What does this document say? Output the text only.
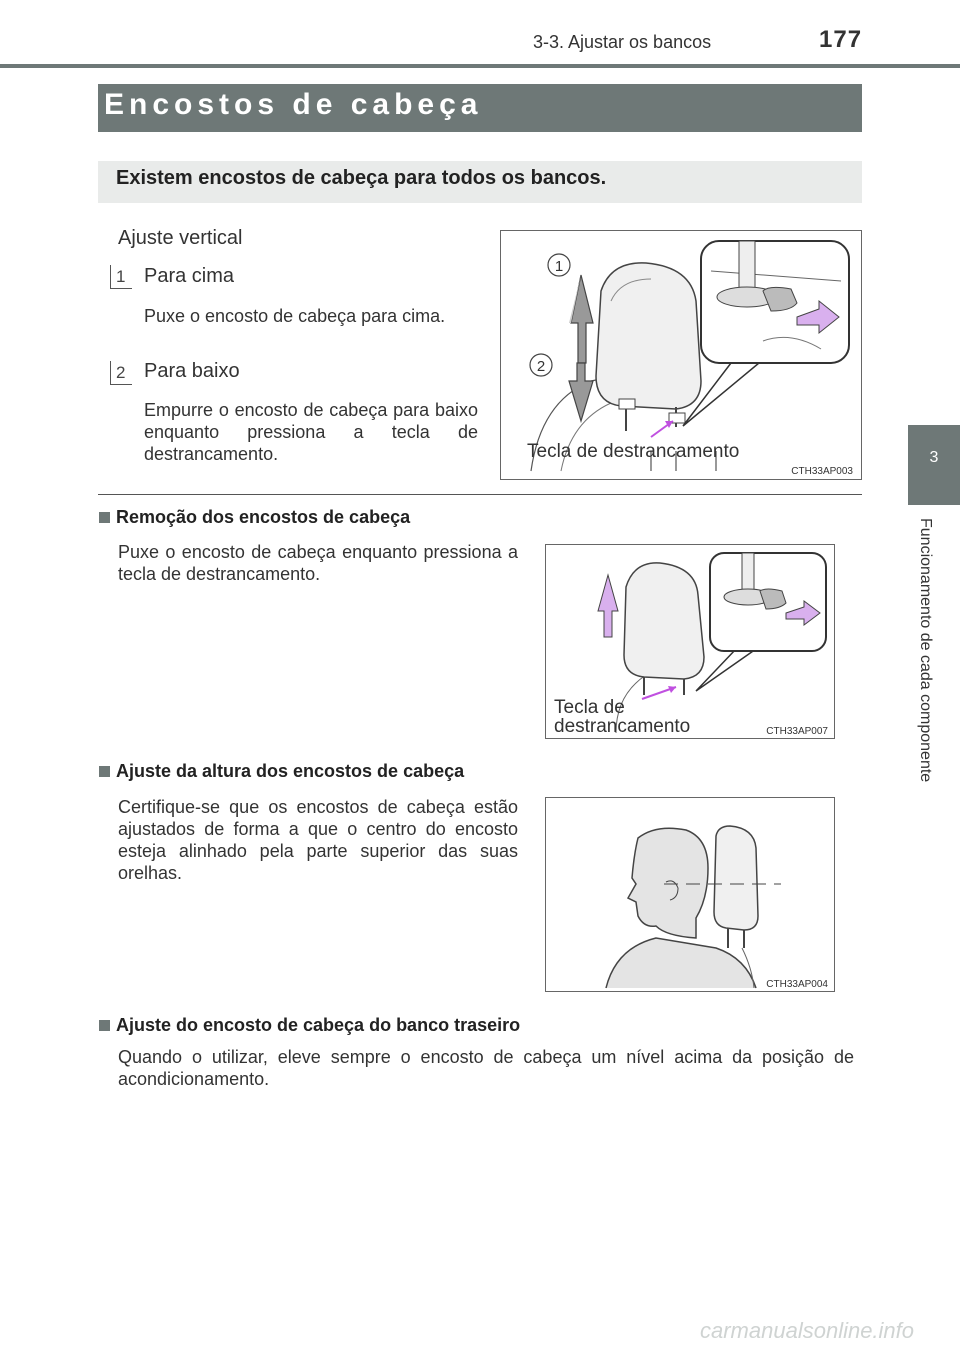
3-3. Ajustar os bancos	177
3
Funcionamento de cada componente
Encostos de cabeça
Existem encostos de cabeça para todos os bancos.
Ajuste vertical
1 Para cima
Puxe o encosto de cabeça para cima.
2 Para baixo
Empurre o encosto de cabeça para baixo enquanto pressiona a tecla de destrancamento.
1
2
Tecla de destrancamento
CTH33AP003
Remoção dos encostos de cabeça
Puxe o encosto de cabeça enquanto pressiona a tecla de destrancamento.
Tecla de
destrancamento	CTH33AP007
Ajuste da altura dos encostos de cabeça
Certifique-se que os encostos de cabeça estão ajustados de forma a que o centro do encosto esteja alinhado pela parte superior das suas orelhas.
CTH33AP004
Ajuste do encosto de cabeça do banco traseiro
Quando o utilizar, eleve sempre o encosto de cabeça um nível acima da posição de acondicionamento.
carmanualsonline.info
